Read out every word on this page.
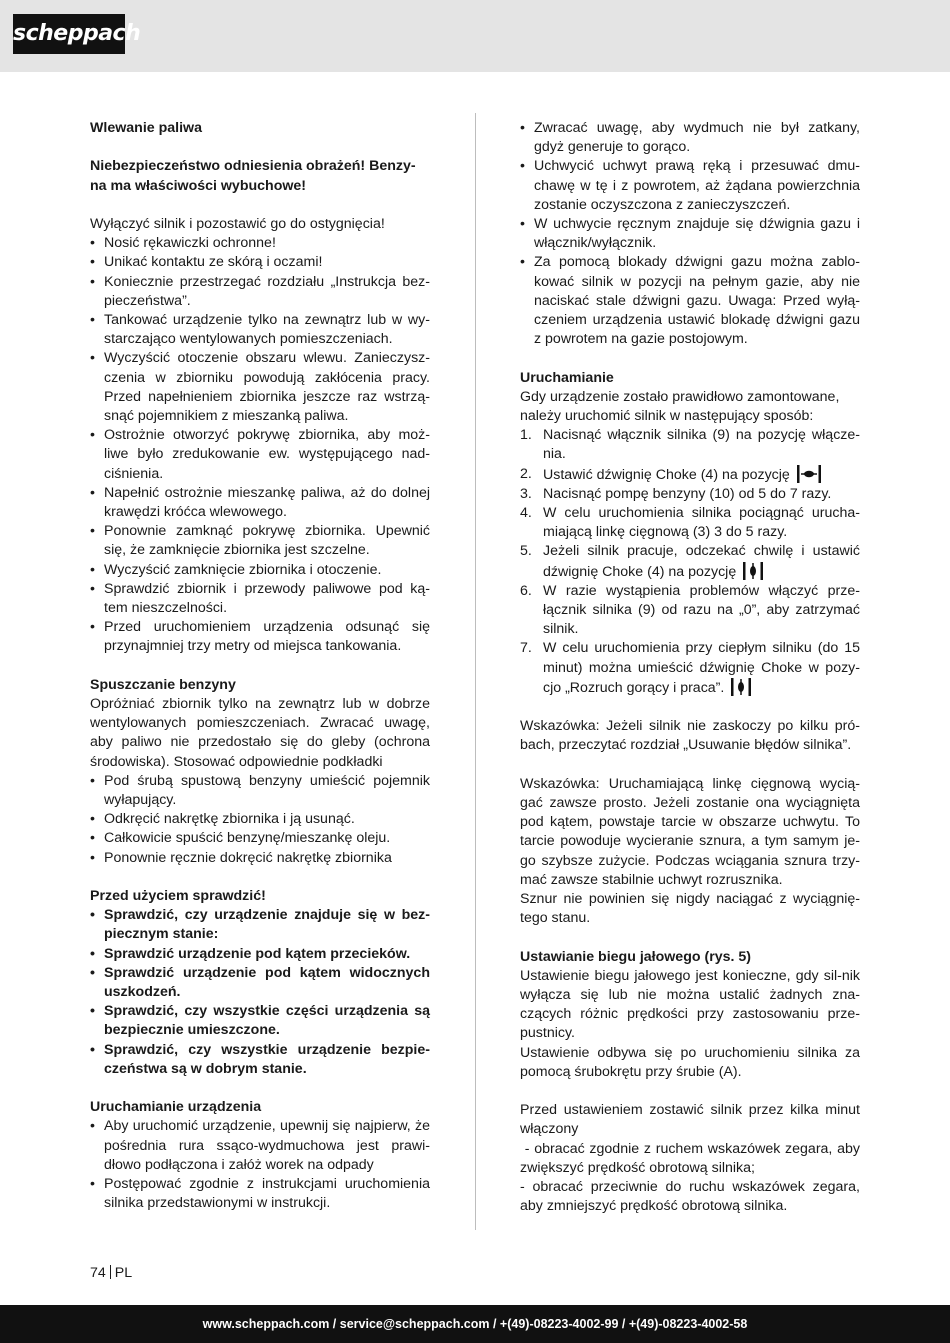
scheppach

Wlewanie paliwa

Niebezpieczeństwo odniesienia obrażeń! Benzy-na ma właściwości wybuchowe!

Wyłączyć silnik i pozostawić go do ostygnięcia!

• Nosić rękawiczki ochronne!
• Unikać kontaktu ze skórą i oczami!
• Koniecznie przestrzegać rozdziału „Instrukcja bez-pieczeństwa”.
• Tankować urządzenie tylko na zewnątrz lub w wy-starczająco wentylowanych pomieszczeniach.
• Wyczyścić otoczenie obszaru wlewu. Zanieczysz-czenia w zbiorniku powodują zakłócenia pracy. Przed napełnieniem zbiornika jeszcze raz wstrzą-snąć pojemnikiem z mieszanką paliwa.
• Ostrożnie otworzyć pokrywę zbiornika, aby moż-liwe było zredukowanie ew. występującego nad-ciśnienia.
• Napełnić ostrożnie mieszankę paliwa, aż do dolnej krawędzi króćca wlewowego.
• Ponownie zamknąć pokrywę zbiornika. Upewnić się, że zamknięcie zbiornika jest szczelne.
• Wyczyścić zamknięcie zbiornika i otoczenie.
• Sprawdzić zbiornik i przewody paliwowe pod ką-tem nieszczelności.
• Przed uruchomieniem urządzenia odsunąć się przynajmniej trzy metry od miejsca tankowania.

Spuszczanie benzyny

Opróżniać zbiornik tylko na zewnątrz lub w dobrze wentylowanych pomieszczeniach. Zwracać uwagę, aby paliwo nie przedostało się do gleby (ochrona środowiska). Stosować odpowiednie podkładki

• Pod śrubą spustową benzyny umieścić pojemnik wyłapujący.
• Odkręcić nakrętkę zbiornika i ją usunąć.
• Całkowicie spuścić benzynę/mieszankę oleju.
• Ponownie ręcznie dokręcić nakrętkę zbiornika

Przed użyciem sprawdzić!

• Sprawdzić, czy urządzenie znajduje się w bez-piecznym stanie:
• Sprawdzić urządzenie pod kątem przecieków.
• Sprawdzić urządzenie pod kątem widocznych uszkodzeń.
• Sprawdzić, czy wszystkie części urządzenia są bezpiecznie umieszczone.
• Sprawdzić, czy wszystkie urządzenie bezpie-czeństwa są w dobrym stanie.

Uruchamianie urządzenia

• Aby uruchomić urządzenie, upewnij się najpierw, że pośrednia rura ssąco-wydmuchowa jest prawi-dłowo podłączona i załóż worek na odpady
• Postępować zgodnie z instrukcjami uruchomienia silnika przedstawionymi w instrukcji.
• Zwracać uwagę, aby wydmuch nie był zatkany, gdyż generuje to gorąco.
• Uchwycić uchwyt prawą ręką i przesuwać dmu-chawę w tę i z powrotem, aż żądana powierzchnia zostanie oczyszczona z zanieczyszczeń.
• W uchwycie ręcznym znajduje się dźwignia gazu i włącznik/wyłącznik.
• Za pomocą blokady dźwigni gazu można zablo-kować silnik w pozycji na pełnym gazie, aby nie naciskać stale dźwigni gazu. Uwaga: Przed wyłą-czeniem urządzenia ustawić blokadę dźwigni gazu z powrotem na gazie postojowym.

Uruchamianie

Gdy urządzenie zostało prawidłowo zamontowane, należy uruchomić silnik w następujący sposób:

1. Nacisnąć włącznik silnika (9) na pozycję włącze-nia.
2. Ustawić dźwignię Choke (4) na pozycję
3. Nacisnąć pompę benzyny (10) od 5 do 7 razy.
4. W celu uruchomienia silnika pociągnąć urucha-miającą linkę cięgnową (3) 3 do 5 razy.
5. Jeżeli silnik pracuje, odczekać chwilę i ustawić dźwignię Choke (4) na pozycję
6. W razie wystąpienia problemów włączyć prze-łącznik silnika (9) od razu na „0”, aby zatrzymać silnik.
7. W celu uruchomienia przy ciepłym silniku (do 15 minut) można umieścić dźwignię Choke w pozy-cjo „Rozruch gorący i praca”.

Wskazówka: Jeżeli silnik nie zaskoczy po kilku pró-bach, przeczytać rozdział „Usuwanie błędów silnika”.

Wskazówka: Uruchamiającą linkę cięgnową wycią-gać zawsze prosto. Jeżeli zostanie ona wyciągnięta pod kątem, powstaje tarcie w obszarze uchwytu. To tarcie powoduje wycieranie sznura, a tym samym je-go szybsze zużycie. Podczas wciągania sznura trzy-mać zawsze stabilnie uchwyt rozrusznika.

Sznur nie powinien się nigdy naciągać z wyciągnię-tego stanu.

Ustawianie biegu jałowego (rys. 5)

Ustawienie biegu jałowego jest konieczne, gdy sil-nik wyłącza się lub nie można ustalić żadnych zna-czących różnic prędkości przy zastosowaniu prze-pustnicy.

Ustawienie odbywa się po uruchomieniu silnika za pomocą śrubokrętu przy śrubie (A).

Przed ustawieniem zostawić silnik przez kilka minut włączony

- obracać zgodnie z ruchem wskazówek zegara, aby zwiększyć prędkość obrotową silnika;

- obracać przeciwnie do ruchu wskazówek zegara, aby zmniejszyć prędkość obrotową silnika.

74 PL
www.scheppach.com / service@scheppach.com / +(49)-08223-4002-99 / +(49)-08223-4002-58
